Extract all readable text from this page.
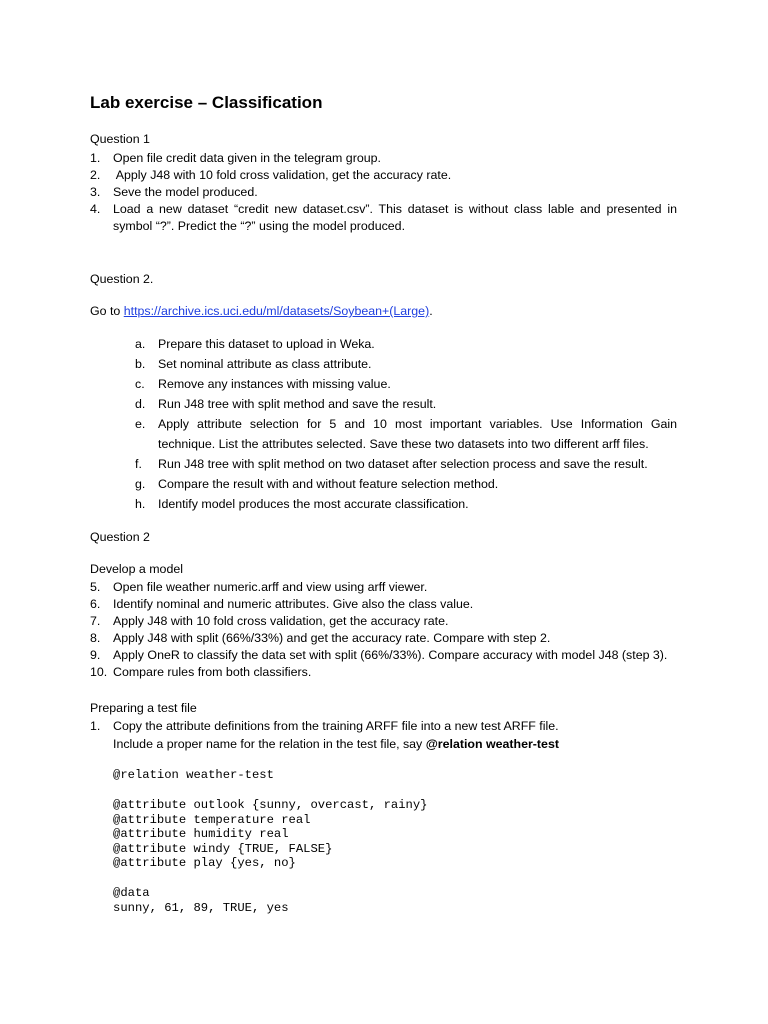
Lab exercise – Classification
Question 1
1. Open file credit data given in the telegram group.
2. Apply J48 with 10 fold cross validation, get the accuracy rate.
3. Seve the model produced.
4. Load a new dataset “credit new dataset.csv”. This dataset is without class lable and presented in symbol “?”. Predict the “?” using the model produced.
Question 2.
Go to https://archive.ics.uci.edu/ml/datasets/Soybean+(Large).
a. Prepare this dataset to upload in Weka.
b. Set nominal attribute as class attribute.
c. Remove any instances with missing value.
d. Run J48 tree with split method and save the result.
e. Apply attribute selection for 5 and 10 most important variables. Use Information Gain technique. List the attributes selected. Save these two datasets into two different arff files.
f. Run J48 tree with split method on two dataset after selection process and save the result.
g. Compare the result with and without feature selection method.
h. Identify model produces the most accurate classification.
Question 2
Develop a model
5. Open file weather numeric.arff and view using arff viewer.
6. Identify nominal and numeric attributes. Give also the class value.
7. Apply J48 with 10 fold cross validation, get the accuracy rate.
8. Apply J48 with split (66%/33%) and get the accuracy rate. Compare with step 2.
9. Apply OneR to classify the data set with split (66%/33%). Compare accuracy with model J48 (step 3).
10. Compare rules from both classifiers.
Preparing a test file
1. Copy the attribute definitions from the training ARFF file into a new test ARFF file.
Include a proper name for the relation in the test file, say @relation weather-test
@relation weather-test
@attribute outlook {sunny, overcast, rainy}
@attribute temperature real
@attribute humidity real
@attribute windy {TRUE, FALSE}
@attribute play {yes, no}
@data
sunny, 61, 89, TRUE, yes
